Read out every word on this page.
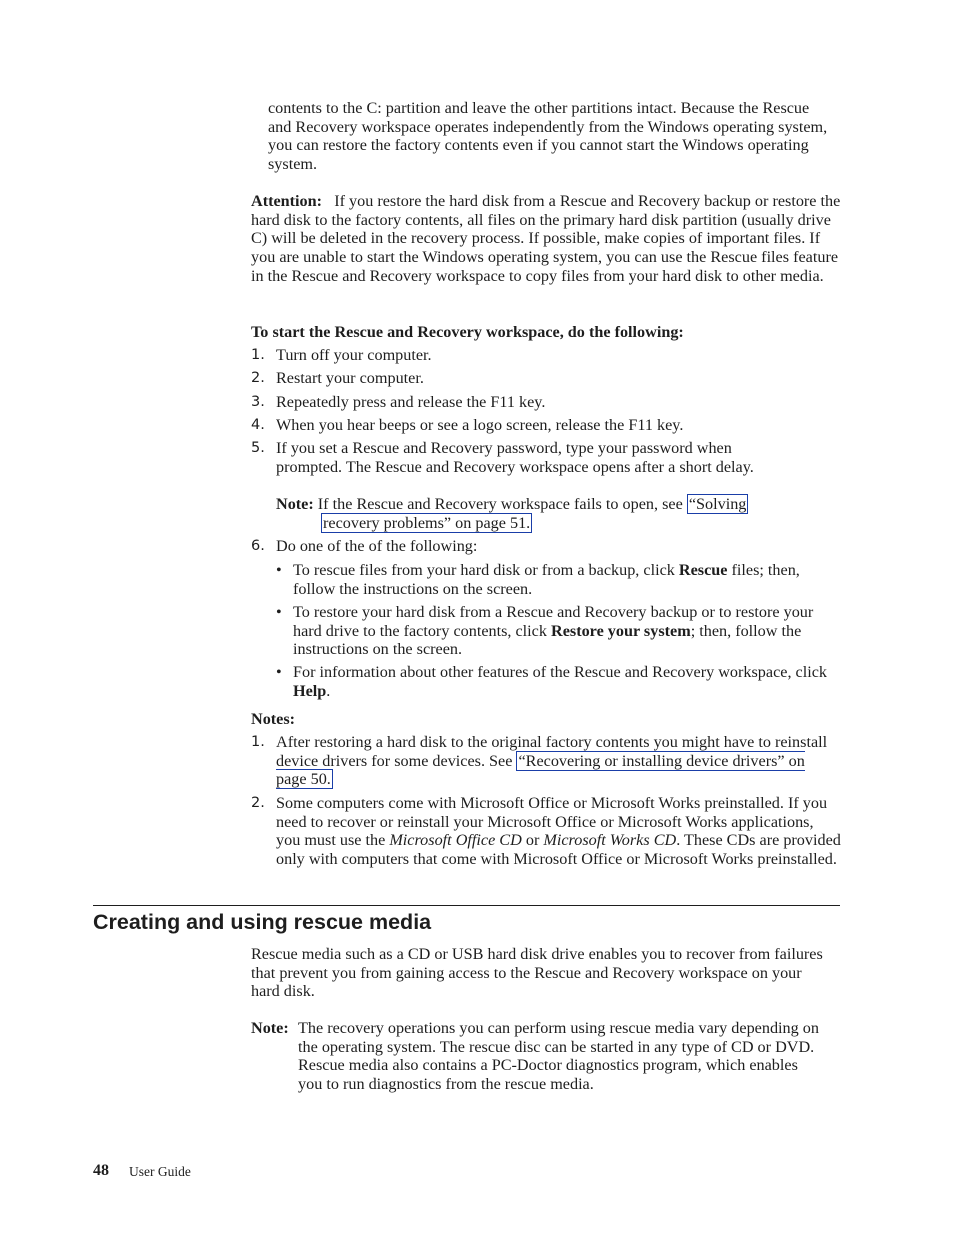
contents to the C: partition and leave the other partitions intact. Because the Rescue and Recovery workspace operates independently from the Windows operating system, you can restore the factory contents even if you cannot start the Windows operating system.

Attention: If you restore the hard disk from a Rescue and Recovery backup or restore the hard disk to the factory contents, all files on the primary hard disk partition (usually drive C) will be deleted in the recovery process. If possible, make copies of important files. If you are unable to start the Windows operating system, you can use the Rescue files feature in the Rescue and Recovery workspace to copy files from your hard disk to other media.

To start the Rescue and Recovery workspace, do the following:
1. Turn off your computer.
2. Restart your computer.
3. Repeatedly press and release the F11 key.
4. When you hear beeps or see a logo screen, release the F11 key.
5. If you set a Rescue and Recovery password, type your password when prompted. The Rescue and Recovery workspace opens after a short delay.

Note: If the Rescue and Recovery workspace fails to open, see “Solving
recovery problems” on page 51.

6. Do one of the of the following:
• To rescue files from your hard disk or from a backup, click Rescue files; then, follow the instructions on the screen.
• To restore your hard disk from a Rescue and Recovery backup or to restore your hard drive to the factory contents, click Restore your system; then, follow the instructions on the screen.
• For information about other features of the Rescue and Recovery workspace, click Help.
Notes:
1. After restoring a hard disk to the original factory contents you might have to reinstall device drivers for some devices. See “Recovering or installing device drivers” on page 50.
2. Some computers come with Microsoft Office or Microsoft Works preinstalled. If you need to recover or reinstall your Microsoft Office or Microsoft Works applications, you must use the Microsoft Office CD or Microsoft Works CD. These CDs are provided only with computers that come with Microsoft Office or Microsoft Works preinstalled.
Creating and using rescue media

Rescue media such as a CD or USB hard disk drive enables you to recover from failures that prevent you from gaining access to the Rescue and Recovery workspace on your hard disk.

Note: The recovery operations you can perform using rescue media vary depending on the operating system. The rescue disc can be started in any type of CD or DVD. Rescue media also contains a PC-Doctor diagnostics program, which enables you to run diagnostics from the rescue media.

48 User Guide
